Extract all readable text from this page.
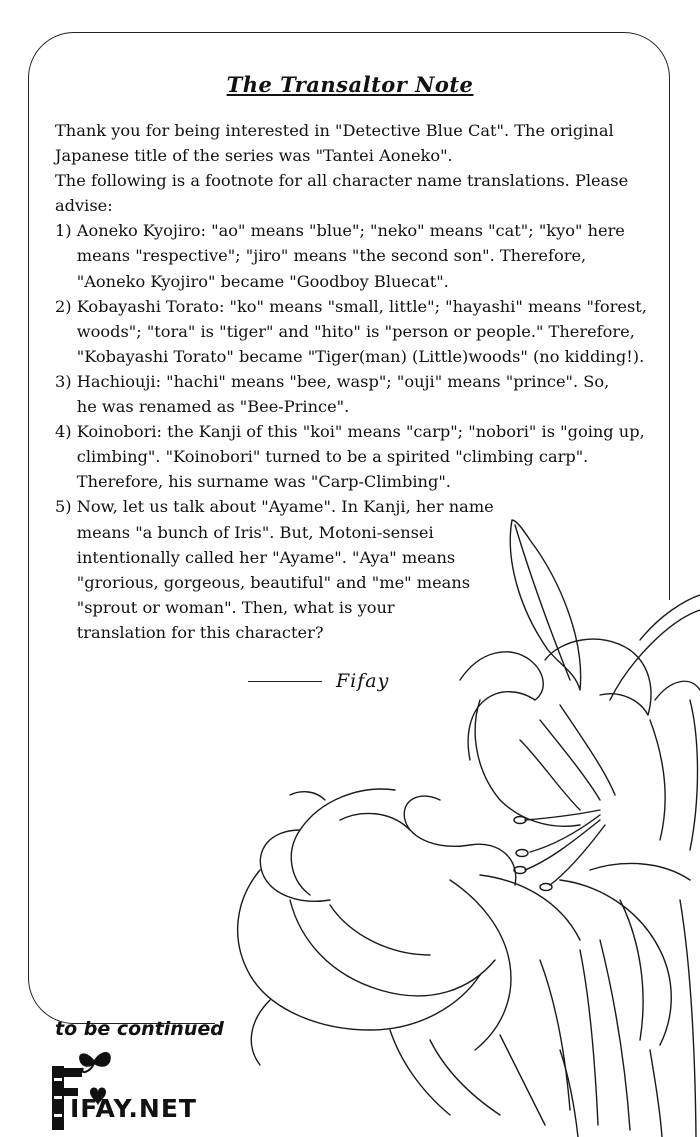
The Transaltor Note

Thank you for being interested in "Detective Blue Cat". The original

Japanese title of the series was "Tantei Aoneko".

The following is a footnote for all character name translations. Please

advise:

1) Aoneko Kyojiro: "ao" means "blue"; "neko" means "cat"; "kyo" here

means "respective"; "jiro" means "the second son". Therefore,

"Aoneko Kyojiro" became "Goodboy Bluecat".

2) Kobayashi Torato: "ko" means "small, little"; "hayashi" means "forest,

woods"; "tora" is "tiger" and "hito" is "person or people." Therefore,

"Kobayashi Torato" became "Tiger(man) (Little)woods" (no kidding!).

3) Hachiouji: "hachi" means "bee, wasp"; "ouji" means "prince". So,

he was renamed as "Bee-Prince".

4) Koinobori: the Kanji of this "koi" means "carp"; "nobori" is "going up,

climbing". "Koinobori" turned to be a spirited "climbing carp".

Therefore, his surname was "Carp-Climbing".

5) Now, let us talk about "Ayame". In Kanji, her name

means "a bunch of Iris". But, Motoni-sensei

intentionally called her "Ayame". "Aya" means

"grorious, gorgeous, beautiful" and "me" means

"sprout or woman". Then, what is your

translation for this character?

Fifay
to be continued
IFAY.NET
